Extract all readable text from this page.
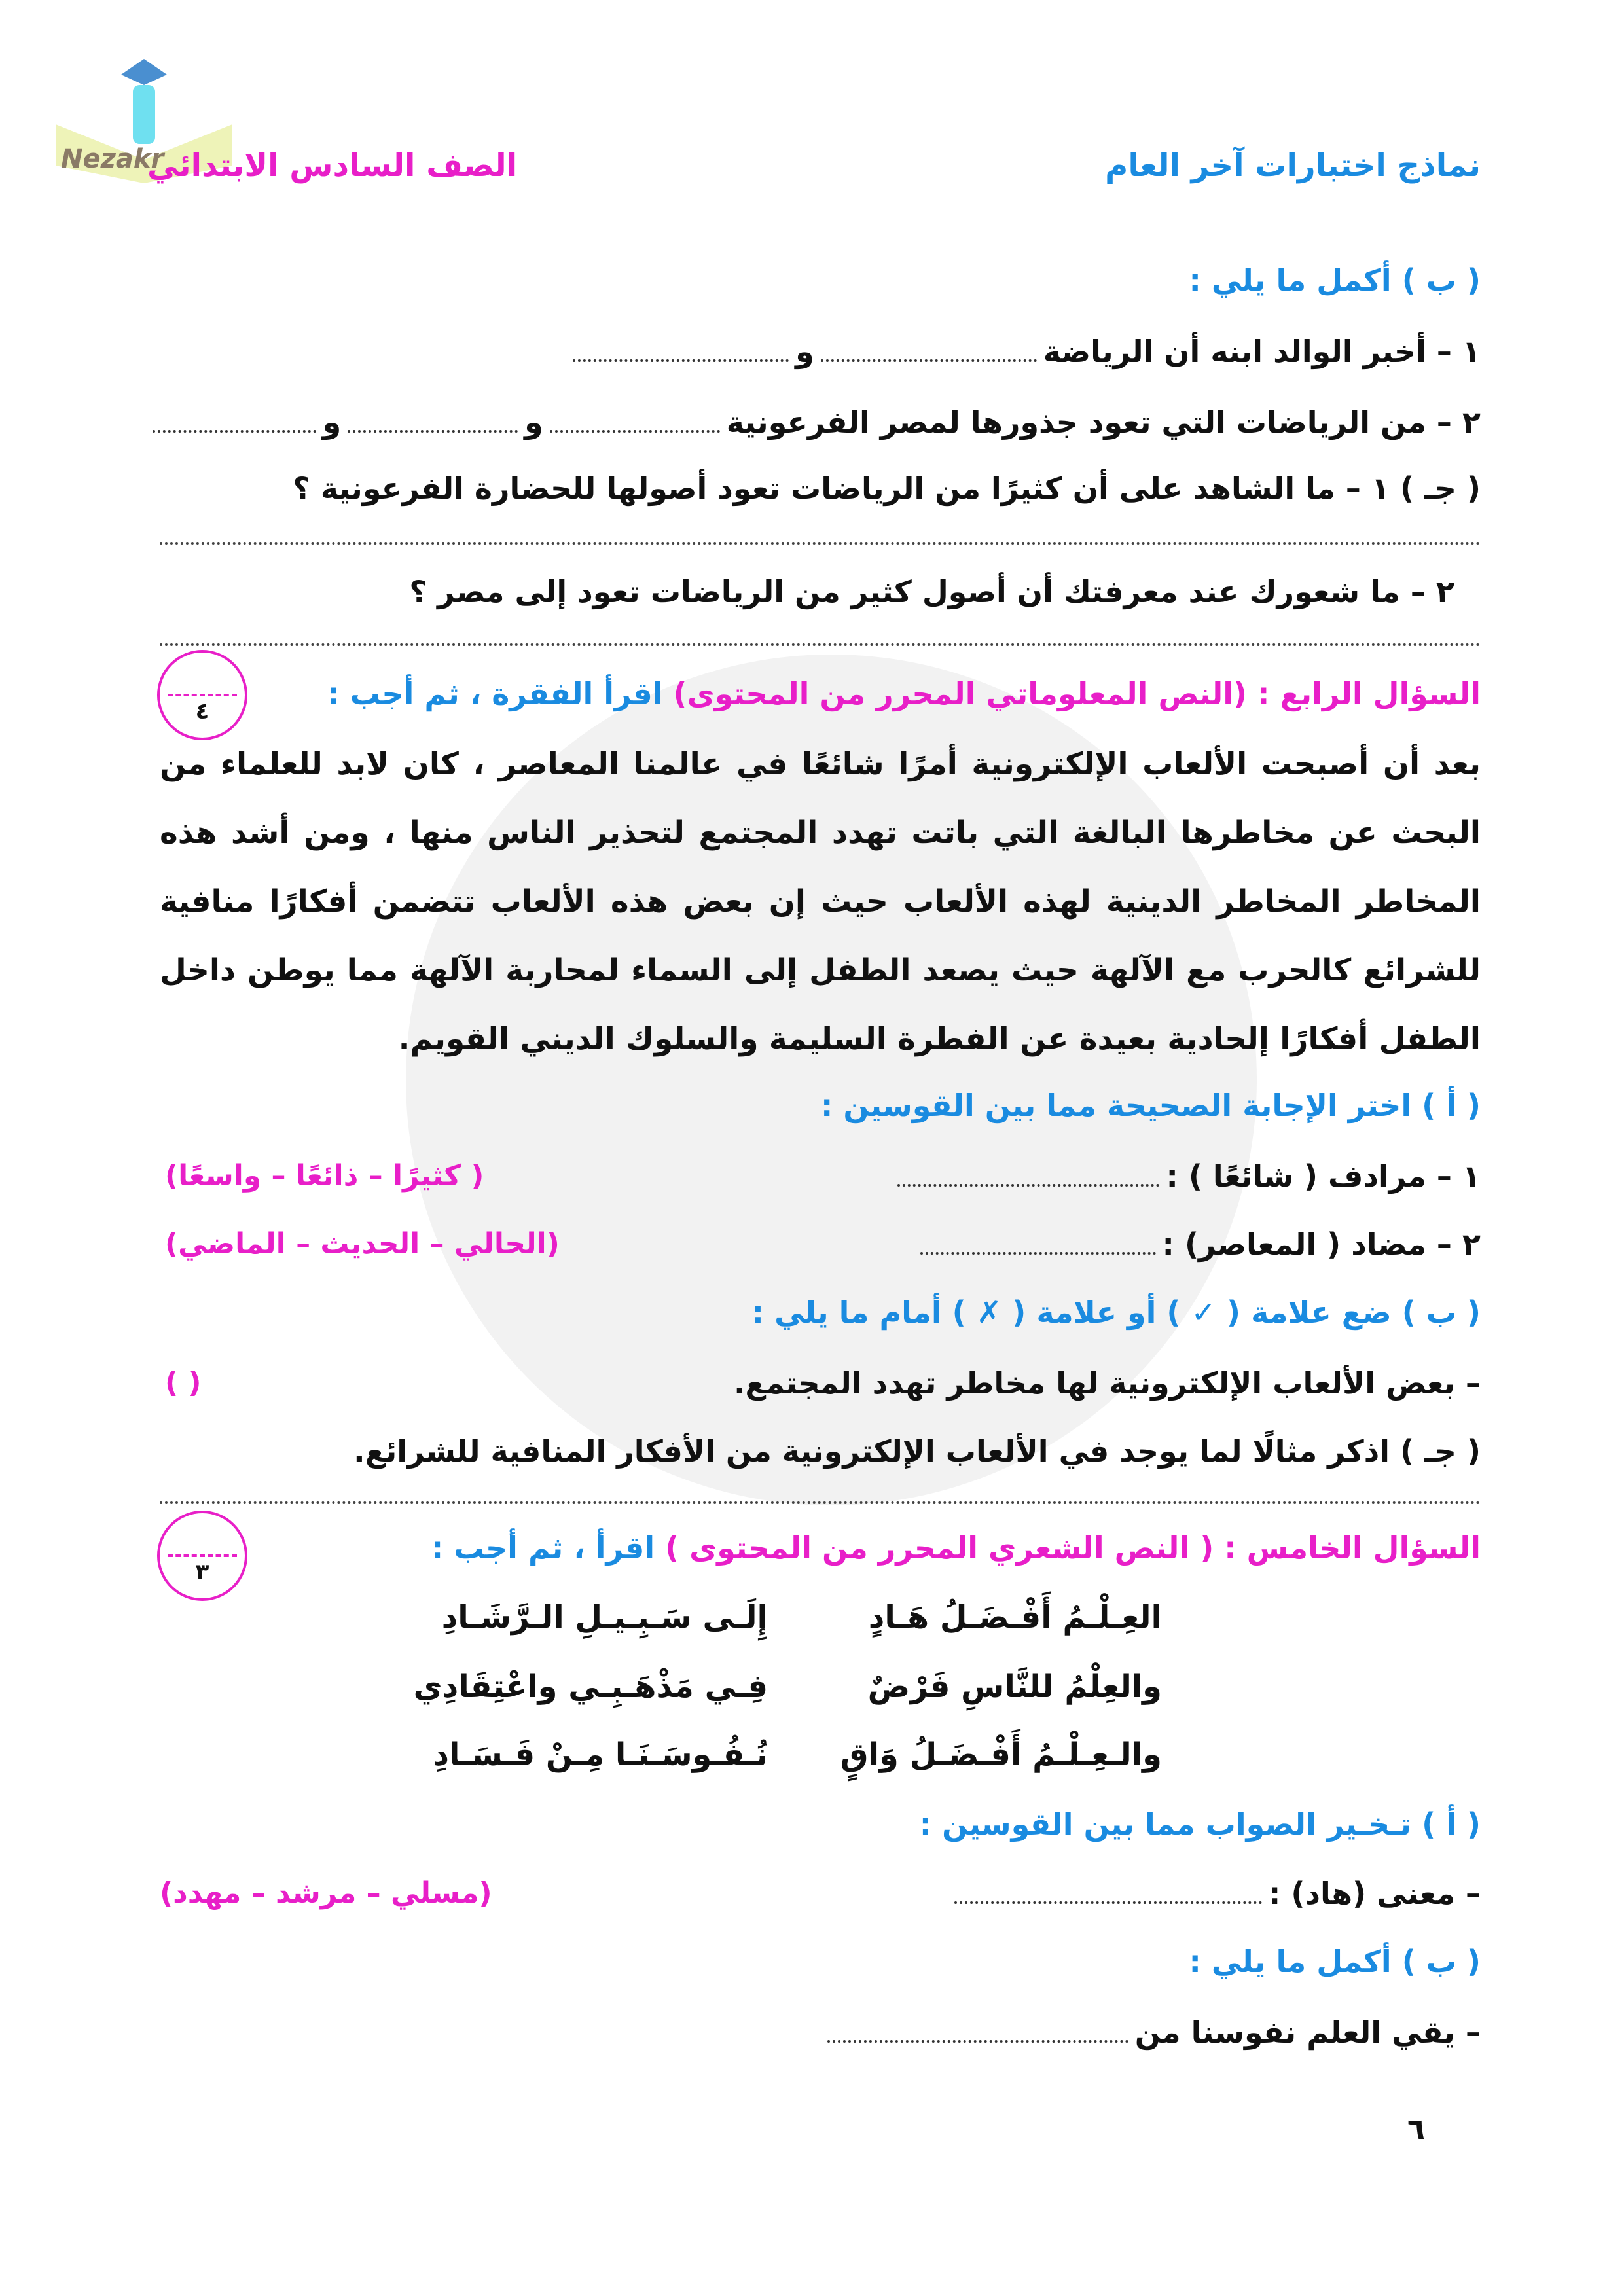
Nezakr
الصف السادس الابتدائي	نماذج اختبارات آخر العام
( ب ) أكمل ما يلي :
١ – أخبر الوالد ابنه أن الرياضةو
٢ – من الرياضات التي تعود جذورها لمصر الفرعونيةوو
( جـ ) ١ – ما الشاهد على أن كثيرًا من الرياضات تعود أصولها للحضارة الفرعونية ؟
٢ – ما شعورك عند معرفتك أن أصول كثير من الرياضات تعود إلى مصر ؟
٤	السؤال الرابع : (النص المعلوماتي المحرر من المحتوى) اقرأ الفقرة ، ثم أجب :
بعد أن أصبحت الألعاب الإلكترونية أمرًا شائعًا في عالمنا المعاصر ، كان لابد للعلماء من البحث عن مخاطرها البالغة التي باتت تهدد المجتمع لتحذير الناس منها ، ومن أشد هذه المخاطر المخاطر الدينية لهذه الألعاب حيث إن بعض هذه الألعاب تتضمن أفكارًا منافية للشرائع كالحرب مع الآلهة حيث يصعد الطفل إلى السماء لمحاربة الآلهة مما يوطن داخل الطفل أفكارًا إلحادية بعيدة عن الفطرة السليمة والسلوك الديني القويم.
( أ ) اختر الإجابة الصحيحة مما بين القوسين :
١ – مرادف ( شائعًا ) :
( كثيرًا – ذائعًا – واسعًا)
٢ – مضاد ( المعاصر) :
(الحالي – الحديث – الماضي)
( ب ) ضع علامة ( ✓ ) أو علامة ( ✗ ) أمام ما يلي :
– بعض الألعاب الإلكترونية لها مخاطر تهدد المجتمع.
( )
( جـ ) اذكر مثالًا لما يوجد في الألعاب الإلكترونية من الأفكار المنافية للشرائع.
٣
السؤال الخامس : ( النص الشعري المحرر من المحتوى ) اقرأ ، ثم أجب :
العِـلْـمُ أَفْـضَـلُ هَـادٍ
إِلَـى سَـبِـيـلِ الـرَّشَـادِ
والعِلْمُ للنَّاسِ فَرْضٌ
فِـي مَذْهَـبِـي واعْتِقَادِي
والـعِـلْـمُ أَفْـضَـلُ وَاقٍ
نُـفُـوسَـنَـا مِـنْ فَـسَـادِ
( أ ) تـخـير الصواب مما بين القوسين :
– معنى (هاد) :
(مسلي – مرشد – مهدد)
( ب ) أكمل ما يلي :
– يقي العلم نفوسنا من
٦
